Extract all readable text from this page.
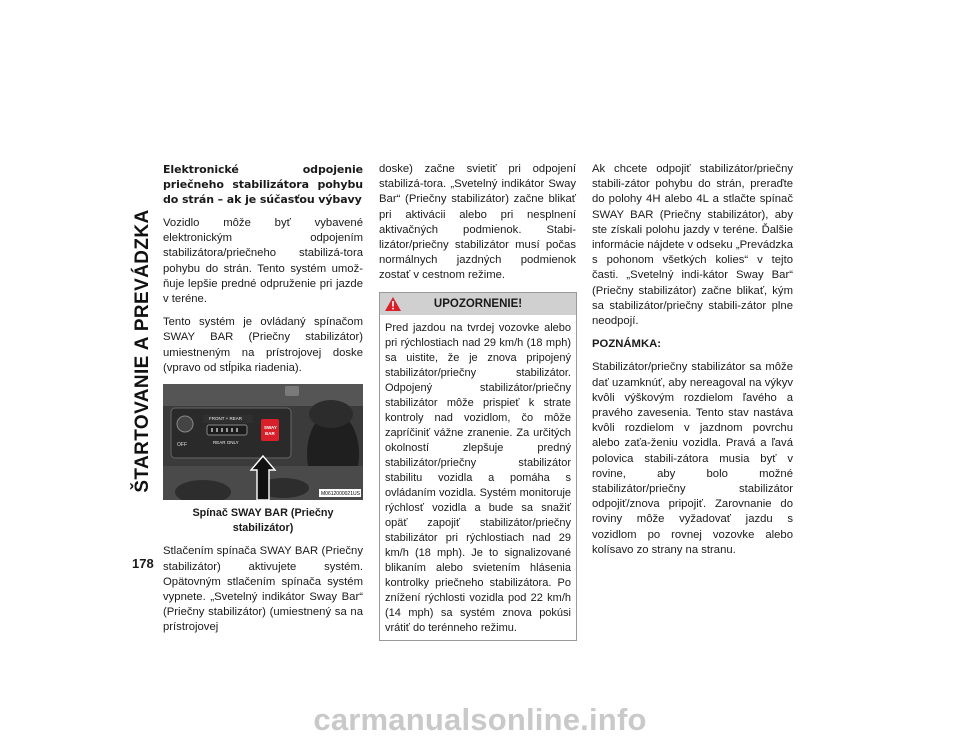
ŠTARTOVANIE A PREVÁDZKA
178
Elektronické odpojenie priečneho stabilizátora pohybu do strán – ak je súčasťou výbavy

Vozidlo môže byť vybavené elektronickým odpojením stabilizátora/priečneho stabilizá-tora pohybu do strán. Tento systém umož-ňuje lepšie predné odpruženie pri jazde v teréne.

Tento systém je ovládaný spínačom SWAY BAR (Priečny stabilizátor) umiestneným na prístrojovej doske (vpravo od stĺpika riadenia).

OFF
FRONT + REAR
REAR ONLY
SWAY
BAR
M0612000021US

Spínač SWAY BAR (Priečny stabilizátor)

Stlačením spínača SWAY BAR (Priečny stabilizátor) aktivujete systém. Opätovným stlačením spínača systém vypnete. „Svetelný indikátor Sway Bar“ (Priečny stabilizátor) (umiestnený sa na prístrojovej

doske) začne svietiť pri odpojení stabilizá-tora. „Svetelný indikátor Sway Bar“ (Priečny stabilizátor) začne blikať pri aktivácii alebo pri nesplnení aktivačných podmienok. Stabi-lizátor/priečny stabilizátor musí počas normálnych jazdných podmienok zostať v cestnom režime.

UPOZORNENIE!
Pred jazdou na tvrdej vozovke alebo pri rýchlostiach nad 29 km/h (18 mph) sa uistite, že je znova pripojený stabilizátor/priečny stabilizátor. Odpojený stabilizátor/priečny stabilizátor môže prispieť k strate kontroly nad vozidlom, čo môže zapríčiniť vážne zranenie. Za určitých okolností zlepšuje predný stabilizátor/priečny stabilizátor stabilitu vozidla a pomáha s ovládaním vozidla. Systém monitoruje rýchlosť vozidla a bude sa snažiť opäť zapojiť stabilizátor/priečny stabilizátor pri rýchlostiach nad 29 km/h (18 mph). Je to signalizované blikaním alebo svietením hlásenia kontrolky priečneho stabilizátora. Po znížení rýchlosti vozidla pod 22 km/h (14 mph) sa systém znova pokúsi vrátiť do terénneho režimu.

Ak chcete odpojiť stabilizátor/priečny stabili-zátor pohybu do strán, preraďte do polohy 4H alebo 4L a stlačte spínač SWAY BAR (Priečny stabilizátor), aby ste získali polohu jazdy v teréne. Ďalšie informácie nájdete v odseku „Prevádzka s pohonom všetkých kolies“ v tejto časti. „Svetelný indi-kátor Sway Bar“ (Priečny stabilizátor) začne blikať, kým sa stabilizátor/priečny stabili-zátor plne neodpojí.

POZNÁMKA:

Stabilizátor/priečny stabilizátor sa môže dať uzamknúť, aby nereagoval na výkyv kvôli výškovým rozdielom ľavého a pravého zavesenia. Tento stav nastáva kvôli rozdielom v jazdnom povrchu alebo zaťa-ženiu vozidla. Pravá a ľavá polovica stabili-zátora musia byť v rovine, aby bolo možné stabilizátor/priečny stabilizátor odpojiť/znova pripojiť. Zarovnanie do roviny môže vyžadovať jazdu s vozidlom po rovnej vozovke alebo kolísavo zo strany na stranu.

carmanualsonline.info
